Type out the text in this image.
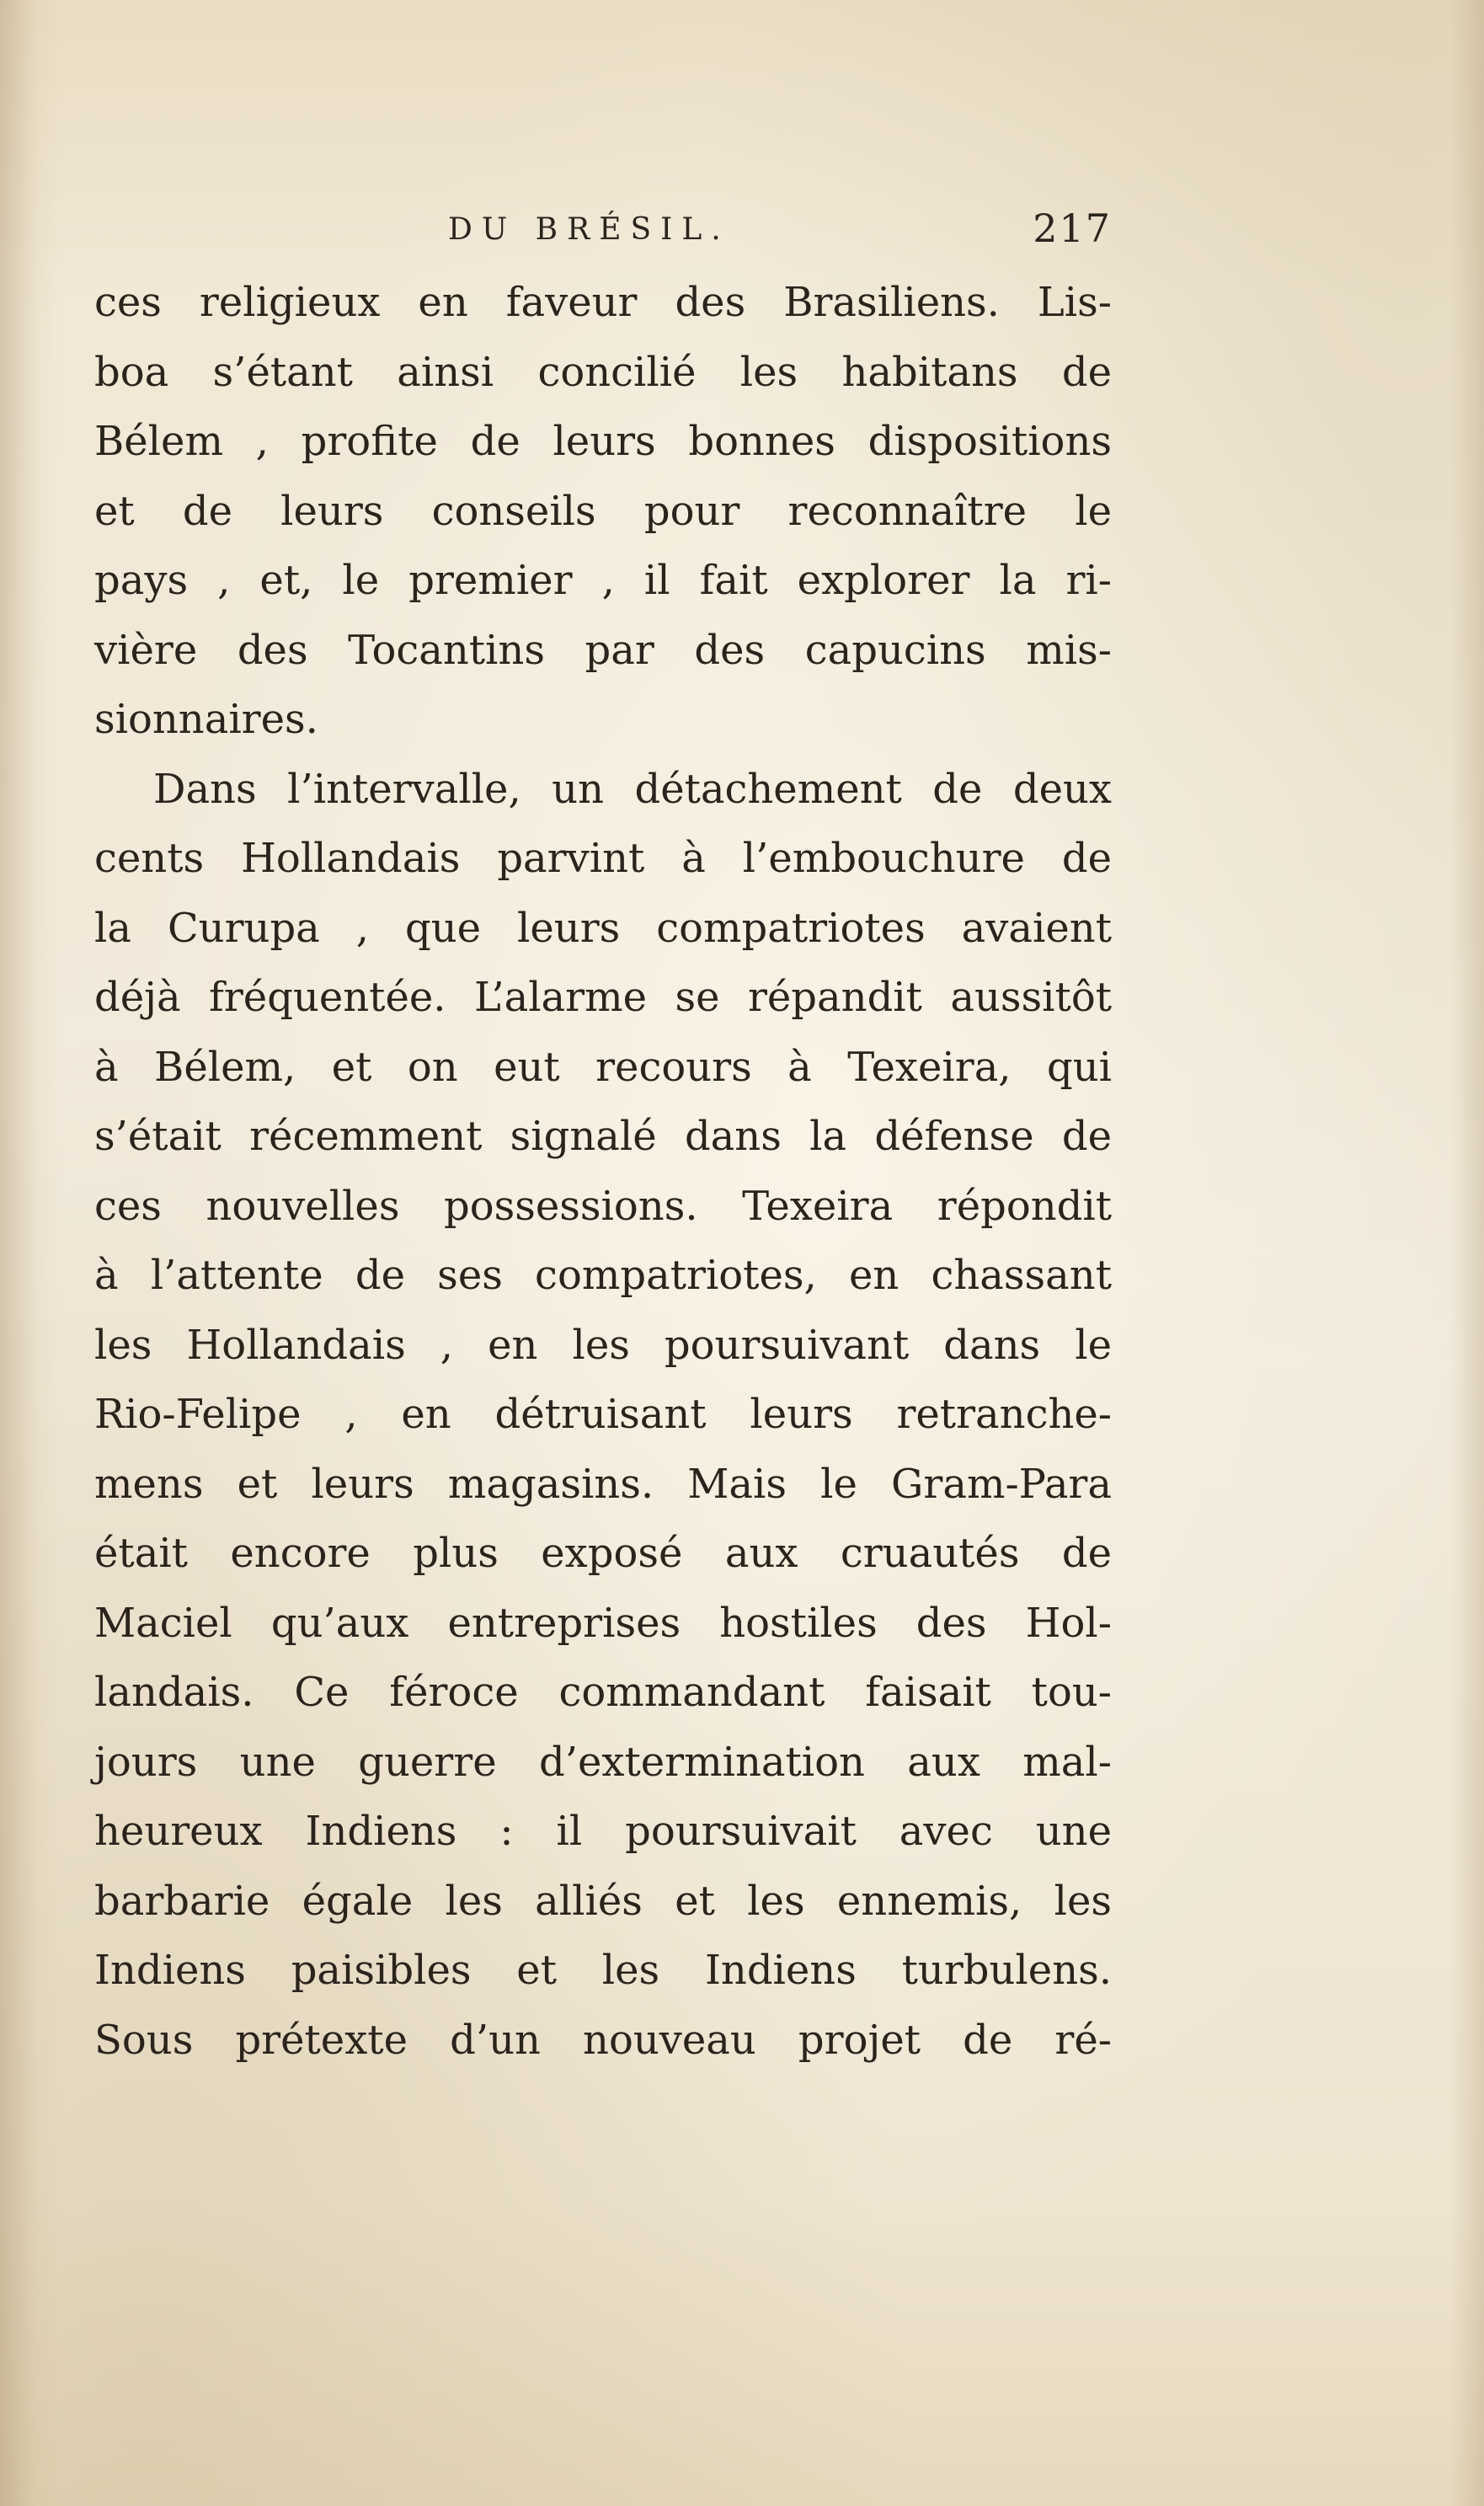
DU BRÉSIL.	217
ces religieux en faveur des Brasiliens. Lis-
boa s’étant ainsi concilié les habitans de
Bélem , profite de leurs bonnes dispositions
et de leurs conseils pour reconnaître le
pays , et, le premier , il fait explorer la ri-
vière des Tocantins par des capucins mis-
sionnaires.
Dans l’intervalle, un détachement de deux
cents Hollandais parvint à l’embouchure de
la Curupa , que leurs compatriotes avaient
déjà fréquentée. L’alarme se répandit aussitôt
à Bélem, et on eut recours à Texeira, qui
s’était récemment signalé dans la défense de
ces nouvelles possessions. Texeira répondit
à l’attente de ses compatriotes, en chassant
les Hollandais , en les poursuivant dans le
Rio-Felipe , en détruisant leurs retranche-
mens et leurs magasins. Mais le Gram-Para
était encore plus exposé aux cruautés de
Maciel qu’aux entreprises hostiles des Hol-
landais. Ce féroce commandant faisait tou-
jours une guerre d’extermination aux mal-
heureux Indiens : il poursuivait avec une
barbarie égale les alliés et les ennemis, les
Indiens paisibles et les Indiens turbulens.
Sous prétexte d’un nouveau projet de ré-
